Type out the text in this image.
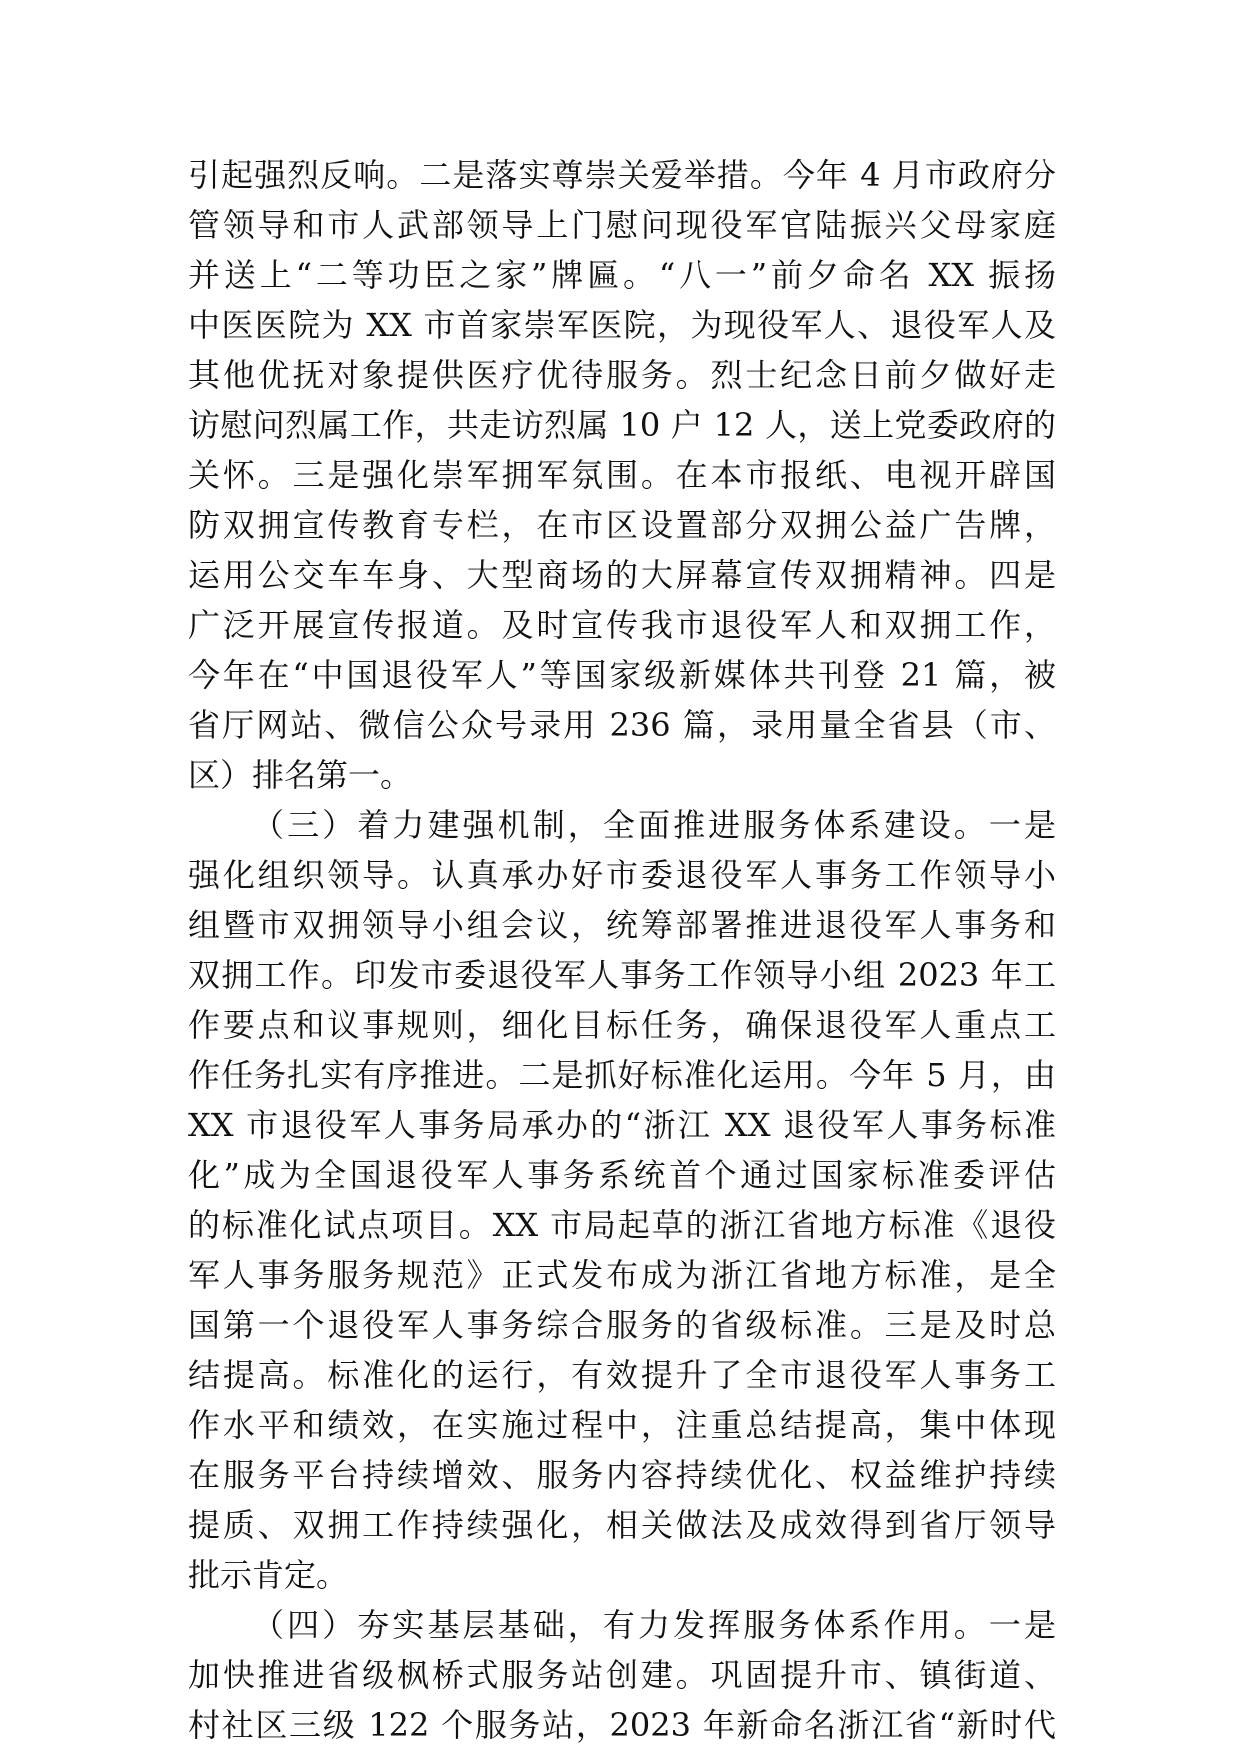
引起强烈反响。二是落实尊崇关爱举措。今年 4 月市政府分
管领导和市人武部领导上门慰问现役军官陆振兴父母家庭
并送上“二等功臣之家”牌匾。“八一”前夕命名 XX 振扬
中医医院为 XX 市首家崇军医院，为现役军人、退役军人及
其他优抚对象提供医疗优待服务。烈士纪念日前夕做好走
访慰问烈属工作，共走访烈属 10 户 12 人，送上党委政府的
关怀。三是强化崇军拥军氛围。在本市报纸、电视开辟国
防双拥宣传教育专栏，在市区设置部分双拥公益广告牌，
运用公交车车身、大型商场的大屏幕宣传双拥精神。四是
广泛开展宣传报道。及时宣传我市退役军人和双拥工作，
今年在“中国退役军人”等国家级新媒体共刊登 21 篇，被
省厅网站、微信公众号录用 236 篇，录用量全省县（市、
区）排名第一。
（三）着力建强机制，全面推进服务体系建设。一是
强化组织领导。认真承办好市委退役军人事务工作领导小
组暨市双拥领导小组会议，统筹部署推进退役军人事务和
双拥工作。印发市委退役军人事务工作领导小组 2023 年工
作要点和议事规则，细化目标任务，确保退役军人重点工
作任务扎实有序推进。二是抓好标准化运用。今年 5 月，由
XX 市退役军人事务局承办的“浙江 XX 退役军人事务标准
化”成为全国退役军人事务系统首个通过国家标准委评估
的标准化试点项目。XX 市局起草的浙江省地方标准《退役
军人事务服务规范》正式发布成为浙江省地方标准，是全
国第一个退役军人事务综合服务的省级标准。三是及时总
结提高。标准化的运行，有效提升了全市退役军人事务工
作水平和绩效，在实施过程中，注重总结提高，集中体现
在服务平台持续增效、服务内容持续优化、权益维护持续
提质、双拥工作持续强化，相关做法及成效得到省厅领导
批示肯定。
（四）夯实基层基础，有力发挥服务体系作用。一是
加快推进省级枫桥式服务站创建。巩固提升市、镇街道、
村社区三级 122 个服务站，2023 年新命名浙江省“新时代
